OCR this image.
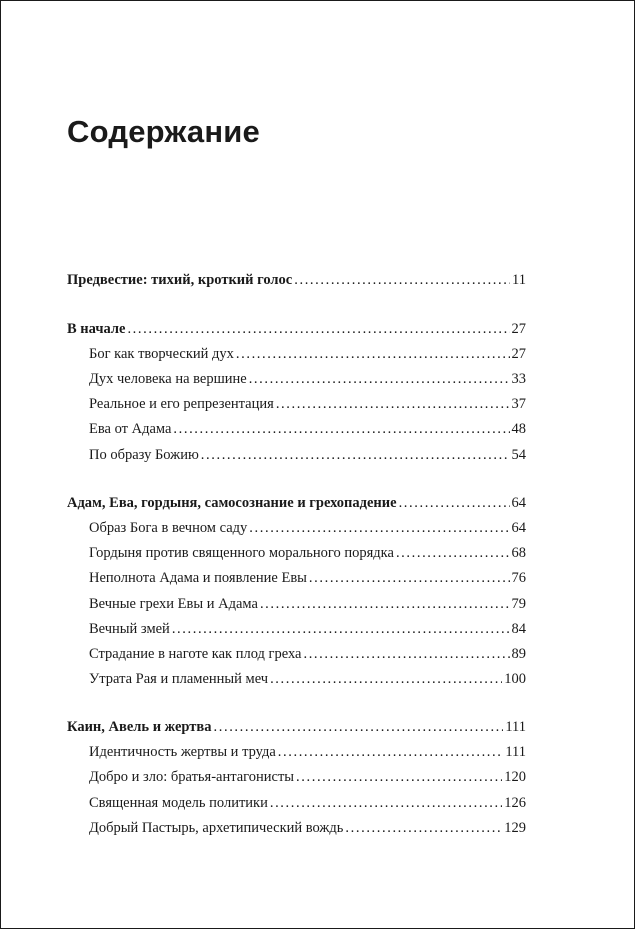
Содержание
Предвестие: тихий, кроткий голос .....	11
В начале .....	27
Бог как творческий дух .....	27
Дух человека на вершине .....	33
Реальное и его репрезентация .....	37
Ева от Адама .....	48
По образу Божию .....	54
Адам, Ева, гордыня, самосознание и грехопадение .....	64
Образ Бога в вечном саду .....	64
Гордыня против священного морального порядка .....	68
Неполнота Адама и появление Евы .....	76
Вечные грехи Евы и Адама .....	79
Вечный змей .....	84
Страдание в наготе как плод греха .....	89
Утрата Рая и пламенный меч .....	100
Каин, Авель и жертва .....	111
Идентичность жертвы и труда .....	111
Добро и зло: братья-антагонисты .....	120
Священная модель политики .....	126
Добрый Пастырь, архетипический вождь .....	129
